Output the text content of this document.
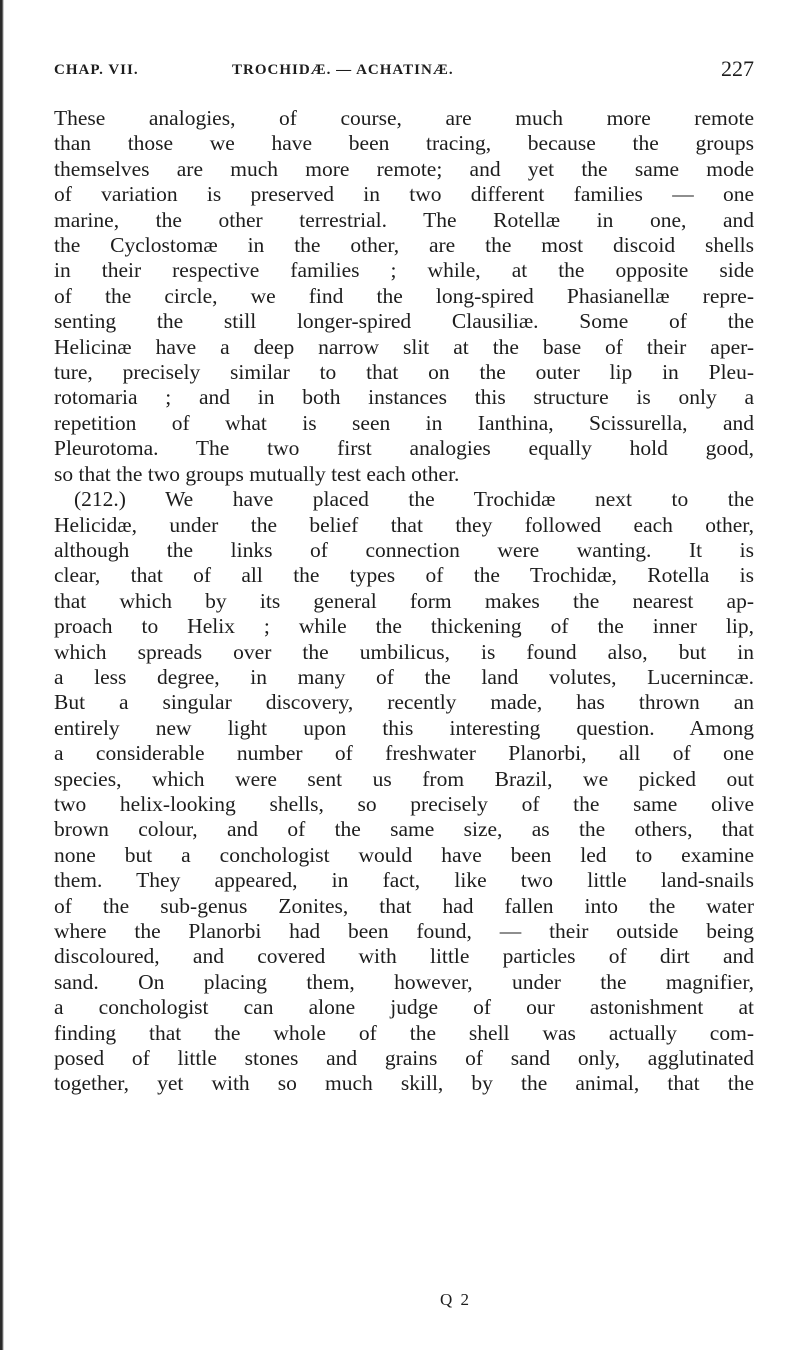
CHAP. VII.	TROCHIDÆ. — ACHATINÆ.	227
These analogies, of course, are much more remote
than those we have been tracing, because the groups
themselves are much more remote; and yet the same mode
of variation is preserved in two different families — one
marine, the other terrestrial. The Rotellæ in one, and
the Cyclostomæ in the other, are the most discoid shells
in their respective families ; while, at the opposite side
of the circle, we find the long-spired Phasianellæ repre-
senting the still longer-spired Clausiliæ. Some of the
Helicinæ have a deep narrow slit at the base of their aper-
ture, precisely similar to that on the outer lip in Pleu-
rotomaria ; and in both instances this structure is only a
repetition of what is seen in Ianthina, Scissurella, and
Pleurotoma. The two first analogies equally hold good,
so that the two groups mutually test each other.
(212.) We have placed the Trochidæ next to the
Helicidæ, under the belief that they followed each other,
although the links of connection were wanting. It is
clear, that of all the types of the Trochidæ, Rotella is
that which by its general form makes the nearest ap-
proach to Helix ; while the thickening of the inner lip,
which spreads over the umbilicus, is found also, but in
a less degree, in many of the land volutes, Lucernincæ.
But a singular discovery, recently made, has thrown an
entirely new light upon this interesting question. Among
a considerable number of freshwater Planorbi, all of one
species, which were sent us from Brazil, we picked out
two helix-looking shells, so precisely of the same olive
brown colour, and of the same size, as the others, that
none but a conchologist would have been led to examine
them. They appeared, in fact, like two little land-snails
of the sub-genus Zonites, that had fallen into the water
where the Planorbi had been found, — their outside being
discoloured, and covered with little particles of dirt and
sand. On placing them, however, under the magnifier,
a conchologist can alone judge of our astonishment at
finding that the whole of the shell was actually com-
posed of little stones and grains of sand only, agglutinated
together, yet with so much skill, by the animal, that the
Q 2
